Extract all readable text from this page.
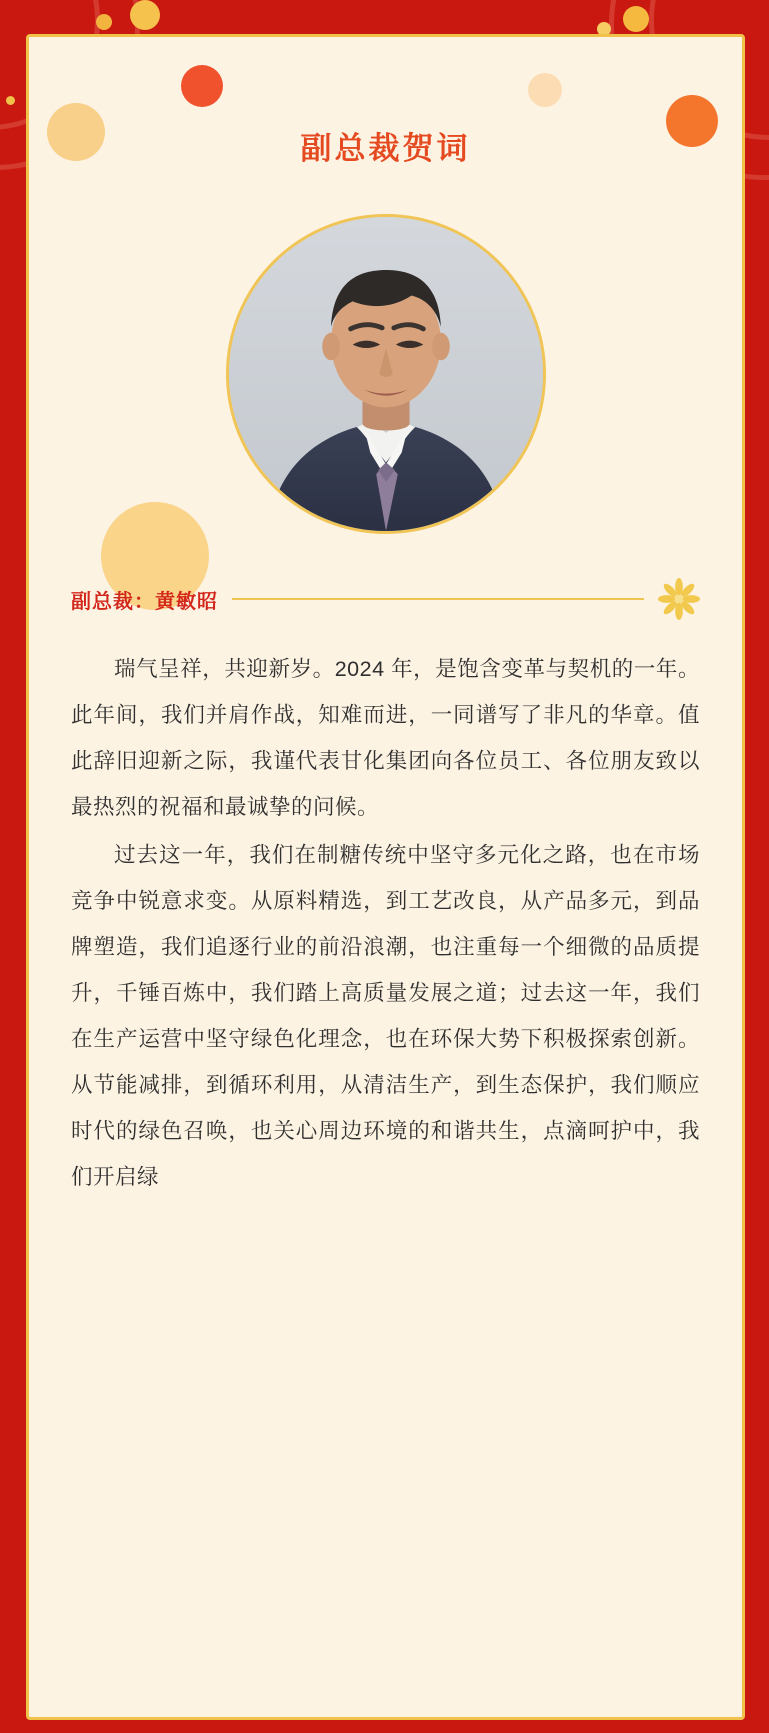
副总裁贺词
副总裁：黄敏昭

瑞气呈祥，共迎新岁。2024 年，是饱含变革与契机的一年。此年间，我们并肩作战，知难而进，一同谱写了非凡的华章。值此辞旧迎新之际，我谨代表甘化集团向各位员工、各位朋友致以最热烈的祝福和最诚挚的问候。

过去这一年，我们在制糖传统中坚守多元化之路，也在市场竞争中锐意求变。从原料精选，到工艺改良，从产品多元，到品牌塑造，我们追逐行业的前沿浪潮，也注重每一个细微的品质提升，千锤百炼中，我们踏上高质量发展之道；过去这一年，我们在生产运营中坚守绿色化理念，也在环保大势下积极探索创新。从节能减排，到循环利用，从清洁生产，到生态保护，我们顺应时代的绿色召唤，也关心周边环境的和谐共生，点滴呵护中，我们开启绿
